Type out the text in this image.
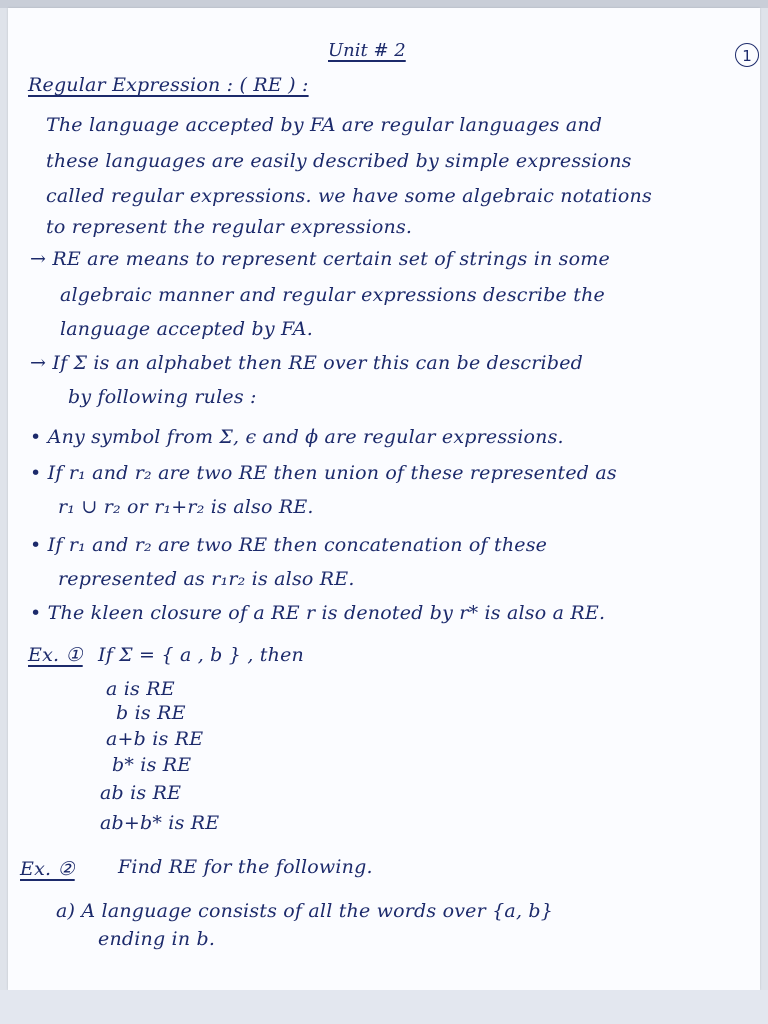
Unit # 2	1
Regular Expression : ( RE ) :
The language accepted by FA are regular languages and
these languages are easily described by simple expressions
called regular expressions. we have some algebraic notations
to represent the regular expressions.
→ RE are means to represent certain set of strings in some
algebraic manner and regular expressions describe the
language accepted by FA.
→ If Σ is an alphabet then RE over this can be described
by following rules :
• Any symbol from Σ, ϵ and ϕ are regular expressions.
• If r₁ and r₂ are two RE then union of these represented as
r₁ ∪ r₂ or r₁+r₂ is also RE.
• If r₁ and r₂ are two RE then concatenation of these
represented as r₁r₂ is also RE.
• The kleen closure of a RE r is denoted by r* is also a RE.
Ex. ① If Σ = { a , b } , then
a is RE
b is RE
a+b is RE
b* is RE
ab is RE
ab+b* is RE
Ex. ② Find RE for the following.
a) A language consists of all the words over {a, b}
ending in b.
